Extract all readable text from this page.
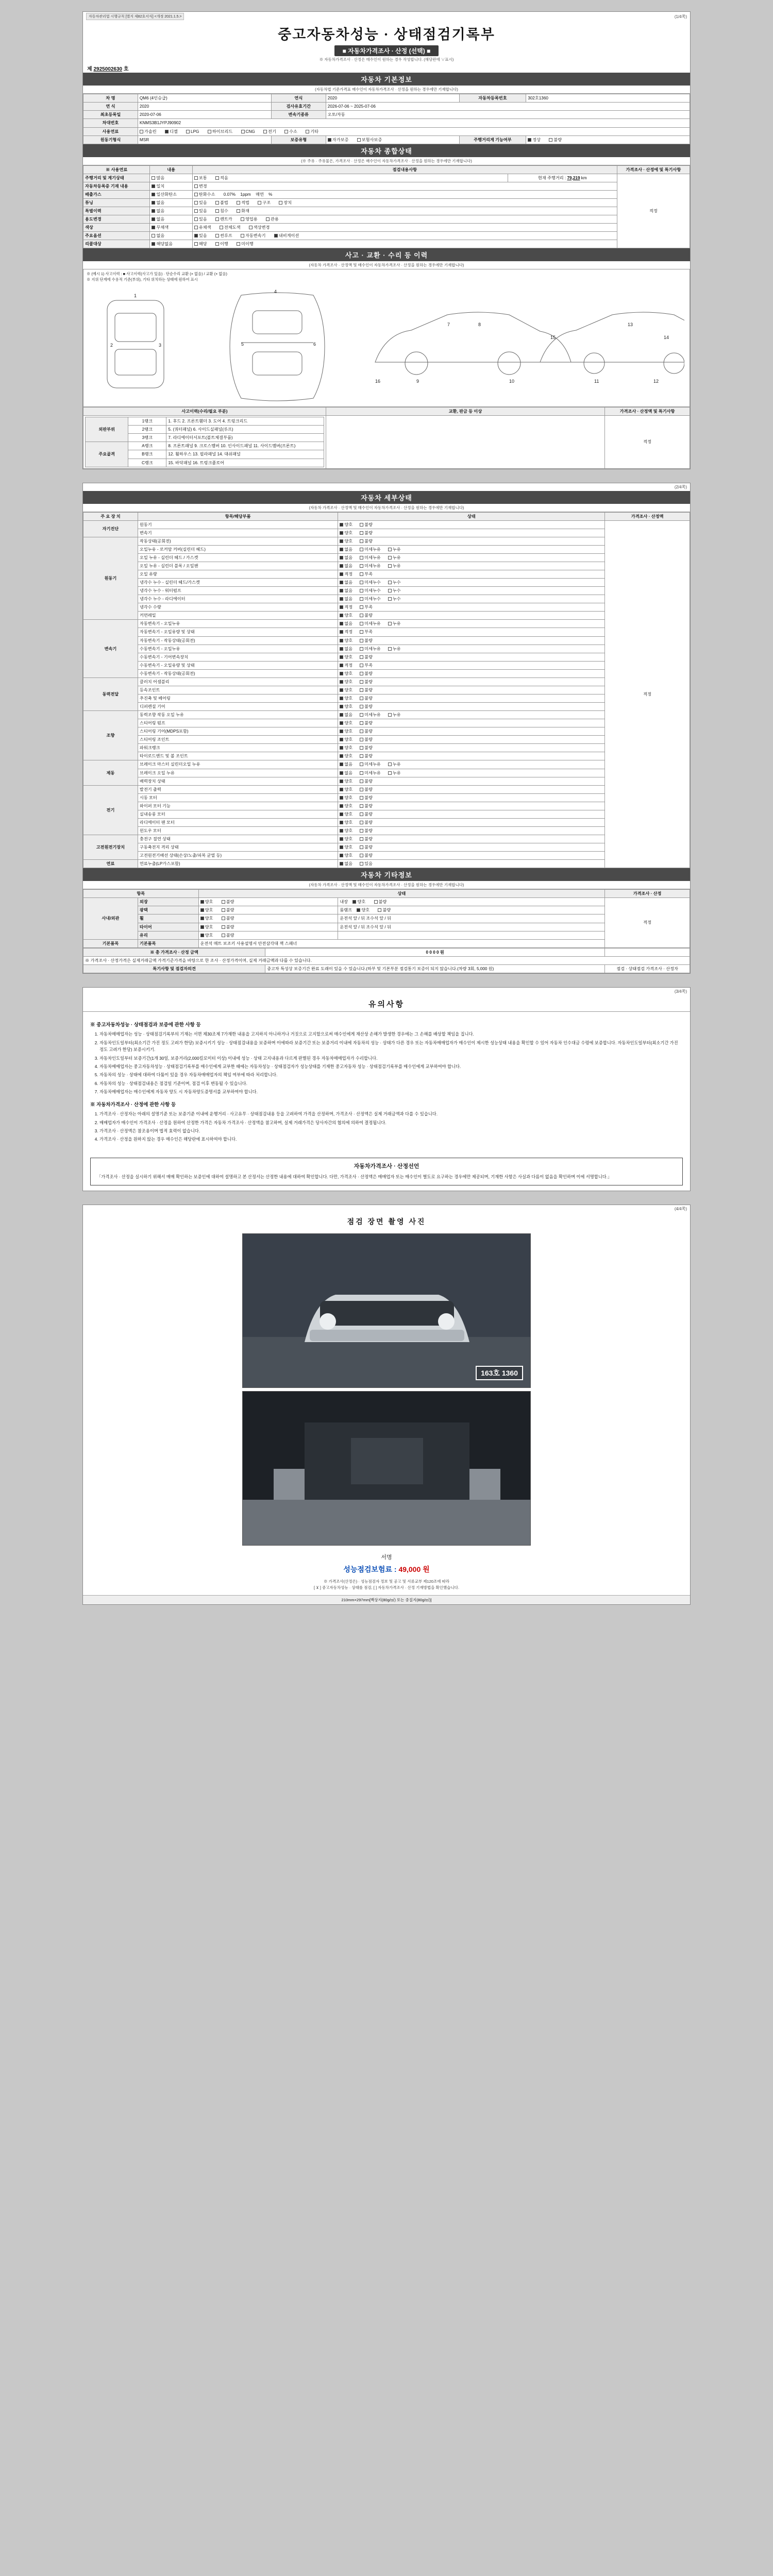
자동차관리법 시행규칙 [별지 제82호서식] <개정 2021.1.5.>	(1/4쪽)
중고자동차성능 · 상태점검기록부
■ 자동차가격조사 · 산정 (선택) ■
※ 자동차가격조사 · 산정은 매수인이 원하는 경우 작성합니다. (해당란에 ∨표시)
제 2925002630 호
자동차 기본정보
(자동차법 기준가격표 매수인이 자동차가격조사 · 산정을 원하는 경우에만 기재합니다)
차 명	QM6 (4인승급)	연식	2020	자동차등록번호	302호1360
연 식	2020	검사유효기간	2026-07-06 ~ 2025-07-06		
최초등록일	2020-07-06	변속기종류	오토/자동		
차대번호	KNMS3B1JYPJ90902				
사용연료	가솔린 디젤 LPG 하이브리드 CNG 전기 수소 기타				
원동기형식	MSR	보증유형	자가보증 보험사보증	주행거리계 기능여부	정상 불량
자동차 종합상태
(※ 주유 · 주유물은, 가격조사 · 산정은 매수인이 자동차가격조사 · 산정을 원하는 경우에만 기재합니다)
※ 사용연료	내용	점검내용사항		가격조사 · 산정에 및 특기사항
주행거리 및 계기상태	많음	보통 적음	현재 주행거리 : 79,219 km	적정
자동차등록증 기재 내용	일치	변경		
배출가스	일산화탄소	탄화수소 0.07% 1ppm 매연 %		
튜닝	없음	있음 불법 적법 구조 장치		
특별이력	없음	있음 침수 화재		
용도변경	없음	있음 렌트카 영업용 관용		
색상	무채색	유채색 전체도색 색상변경		
주요옵션	없음	있음 썬루프 자동변속기 내비게이션		
리콜대상	해당없음	해당 이행 미이행		
사고 · 교환 · 수리 등 이력
(자동차 가격조사 · 산정액 및 매수인이 자동차가격조사 · 산정을 원하는 경우에만 기재합니다)
※ (예시 1) 사고이력 : ■ 사고이력(사고가 있음) · 단순수리 교환 (× 없음) / 교환 (× 없음)
※ 지위 단계에 수용적 기준(부위), 기타 위치하는 상태에 원하여 표시
1
2	3
4
5	6
7	8
9	10	11	12
13
14
15
16
사고이력(수리/필요 부분)	교환, 판금 등 이상	가격조사 · 산정액 및 특기사항

외판부위	1랭크	1. 후드 2. 프론트휀더 3. 도어 4. 트렁크리드
2랭크	5. (쿼터패널) 6. 사이드실패널(루프)
3랭크	7. 라디에이터서포트(볼트체결부품)
주요골격	A랭크	8. 프론트패널 9. 크로스멤버 10. 인사이드패널 11. 사이드멤버(프론트)
B랭크	12. 휠하우스 13. 필라패널 14. 대쉬패널
C랭크	15. 바닥패널 16. 트렁크플로어
		적정
(2/4쪽)
자동차 세부상태
(자동차 가격조사 · 산정액 및 매수인이 자동차가격조사 · 산정을 원하는 경우에만 기재합니다)
주 요 장 치	항목/해당부품	상태	가격조사 · 산정액
자기진단	원동기	양호 불량	적정
	변속기	양호 불량	
원동기	작동상태(공회전)	양호 불량	
	오일누유 - 로커암 커버(실린더 헤드)	없음 미세누유 누유	
	오일 누유 - 실린더 헤드 / 가스켓	없음 미세누유 누유	
	오일 누유 - 실린더 블록 / 오일팬	없음 미세누유 누유	
	오일 유량	적정 부족	
	냉각수 누수 - 실린더 헤드/가스켓	없음 미세누수 누수	
	냉각수 누수 - 워터펌프	없음 미세누수 누수	
	냉각수 누수 - 라디에이터	없음 미세누수 누수	
	냉각수 수량	적정 부족	
	커먼레일	양호 불량	
변속기	자동변속기 - 오일누유	없음 미세누유 누유	
	자동변속기 - 오일유량 및 상태	적정 부족	
	자동변속기 - 작동상태(공회전)	양호 불량	
	수동변속기 - 오일누유	없음 미세누유 누유	
	수동변속기 - 기어변속장치	양호 불량	
	수동변속기 - 오일유량 및 상태	적정 부족	
	수동변속기 - 작동상태(공회전)	양호 불량	
동력전달	클러치 어셈블리	양호 불량	
	등속조인트	양호 불량	
	추진축 및 베어링	양호 불량	
	디퍼렌셜 기어	양호 불량	
조향	동력조향 작동 오일 누유	없음 미세누유 누유	
	스티어링 펌프	양호 불량	
	스티어링 기어(MDPS포함)	양호 불량	
	스티어링 조인트	양호 불량	
	파워크랭크	양호 불량	
	타이로드엔드 및 볼 조인트	양호 불량	
제동	브레이크 마스터 실린더오일 누유	없음 미세누유 누유	
	브레이크 오일 누유	없음 미세누유 누유	
	배력장치 상태	양호 불량	
전기	발전기 출력	양호 불량	
	시동 모터	양호 불량	
	와이퍼 모터 기능	양호 불량	
	실내송풍 모터	양호 불량	
	라디에이터 팬 모터	양호 불량	
	윈도우 모터	양호 불량	
고전원전기장치	충전구 절연 상태	양호 불량	
	구동축전지 격리 상태	양호 불량	
	고전원전기배선 상태(손상/노출/피복 균열 등)	양호 불량	
연료	연료누출(LP가스포함)	없음 있음	
자동차 기타정보
(자동차 가격조사 · 산정액 및 매수인이 자동차가격조사 · 산정을 원하는 경우에만 기재합니다)
항목		상태		가격조사 · 산정
사내/외관	외장	양호 불량	내장 양호 불량	적정
	광택	양호 불량	룸램프 양호 불량	
	휠	양호 불량	운전석 앞 / 뒤 조수석 앞 / 뒤	
	타이어	양호 불량	운전석 앞 / 뒤 조수석 앞 / 뒤	
	유리	양호 불량		
기본품목	기본품목	운전석 매트 보조키 사용설명서 안전삼각대 잭 스패너		
※ 총 가격조사 · 산정 금액	0 0 0 0 원	
※ 가격조사 · 산정가격은 실제거래금액 가격기준가격을 바탕으로 한 조사 · 산정가격이며, 실제 거래금액과 다를 수 있습니다.		
특기사항 및 점검자의견	중고차 특성상 보증기간 완료 도래이 있을 수 있습니다.(하부 및 기본부분 점검통기 보증이 되지 않습니다.(차량 3회, 5,000 원)	점검 · 상태점검 가격조사 · 산정자
(3/4쪽)
유의사항
※ 중고자동차성능 · 상태점검과 보증에 관한 사항 등
1. 자동차매매업자는 성능 · 상태점검기록부의 기재는 서면 제30조제 7가재한 내용을 고지하지 아니하거나 거짓으로 고지할으로써 매수인에게 재산상 손해가 발생한 경우에는 그 손해를 배상할 책임을 집니다.
2. 자동차인도일부터(최소기간 가진 정도 고려가 한당) 보증시키기 성능 · 상태점검내용을 보증하며 이에따라 보증기간 또는 보증거리 이내에 자동차의 성능 · 상태가 다른 경우 또는 자동차매매업자가 매수인이 제시한 성능상태 내용을 확인할 수 있어 자동차 인수대금 수령에 보증합니다. 자동차인도일부터(최소기간 가진 정도 고려가 한당) 보증시키기.
3. 자동차인도일부터 보증기간(1개 30일, 보증거리(2,000킬로미터 이상) 이내에 성능 · 상태 고지내용과 다르게 판별된 경우 자동차매매업자가 수리합니다.
4. 자동차매매업자는 중고자동차성능 · 상태점검기록부를 매수인에게 교부한 때에는 자동차성능 · 상태점검자가 성능상태를 기재한 중고자동차 성능 · 상태점검기록부를 매수인에게 교부하여야 합니다.
5. 자동차의 성능 · 상태에 대하여 다툼이 있을 경우 자동차매매업자의 책임 여부에 따라 처리합니다.
6. 자동차의 성능 · 상태점검내용은 점검일 기준이며, 점검 이후 변동될 수 있습니다.
7. 자동차매매업자는 매수인에게 자동차 양도 시 자동차양도증명서를 교부하여야 합니다.
※ 자동차가격조사 · 산정에 관한 사항 등
1. 가격조사 · 산정자는 아래의 설명기준 또는 보증기준 이내에 운행거리 · 사고유무 · 상태점검내용 등을 고려하여 가격을 산정하며, 가격조사 · 산정액은 실제 거래금액과 다를 수 있습니다.
2. 매매업자가 매수인이 가격조사 · 산정을 원하여 산정한 가격은 자동차 가격조사 · 산정액을 참고하며, 실제 거래가격은 당사자간의 협의에 의하여 결정됩니다.
3. 가격조사 · 산정액은 참조용이며 법적 효력이 없습니다.
4. 가격조사 · 산정을 원하지 않는 경우 매수인은 해당란에 표시하여야 합니다.
자동차가격조사 · 산정선언
「가격조사 · 산정을 실시하기 위해서 매매 확인하는 보증인에 대하여 설명하고 본 산정서는 산정한 내용에 대하여 확인합니다. 다만, 가격조사 · 산정액은 매매업자 또는 매수인이 별도로 요구하는 경우에만 제공되며, 기재한 사항은 사실과 다름이 없음을 확인하며 이에 서명합니다.」
(4/4쪽)
점검 장면 촬영 사진
163호 1360
서명
성능점검보험료 : 49,000 원
※ 가격조사(산정은) · 성능점검자 정보 및 공고 및 서류교부 제120조에 따라
[ ⊻ ] 중고자동차성능 · 상태를 점검, [ ] 자동차가격조사 · 산정 기재방법을 확인했습니다.
210mm×297mm[백상지(80g/㎡) 또는 중질지(80g/㎡)]
